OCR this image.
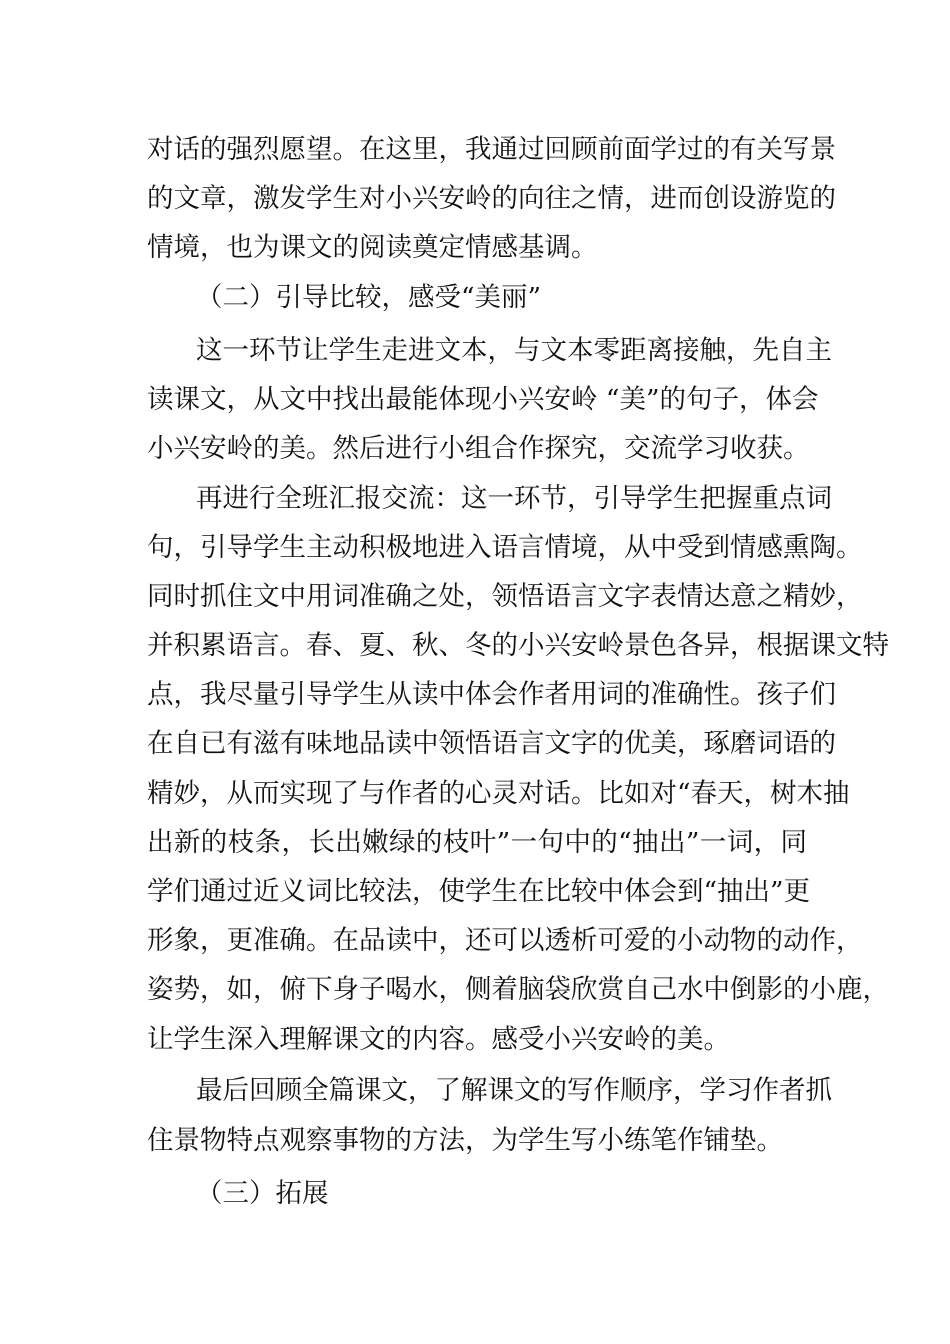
对话的强烈愿望。在这里，我通过回顾前面学过的有关写景
的文章，激发学生对小兴安岭的向往之情，进而创设游览的
情境，也为课文的阅读奠定情感基调。
（二）引导比较，感受“美丽”
这一环节让学生走进文本，与文本零距离接触，先自主
读课文，从文中找出最能体现小兴安岭 “美”的句子，体会
小兴安岭的美。然后进行小组合作探究，交流学习收获。
再进行全班汇报交流：这一环节，引导学生把握重点词
句，引导学生主动积极地进入语言情境，从中受到情感熏陶。
同时抓住文中用词准确之处，领悟语言文字表情达意之精妙，
并积累语言。春、夏、秋、冬的小兴安岭景色各异，根据课文特
点，我尽量引导学生从读中体会作者用词的准确性。孩子们
在自已有滋有味地品读中领悟语言文字的优美，琢磨词语的
精妙，从而实现了与作者的心灵对话。比如对“春天，树木抽
出新的枝条，长出嫩绿的枝叶”一句中的“抽出”一词，同
学们通过近义词比较法，使学生在比较中体会到“抽出”更
形象，更准确。在品读中，还可以透析可爱的小动物的动作，
姿势，如，俯下身子喝水，侧着脑袋欣赏自己水中倒影的小鹿，
让学生深入理解课文的内容。感受小兴安岭的美。
最后回顾全篇课文，了解课文的写作顺序，学习作者抓
住景物特点观察事物的方法，为学生写小练笔作铺垫。
（三）拓展
